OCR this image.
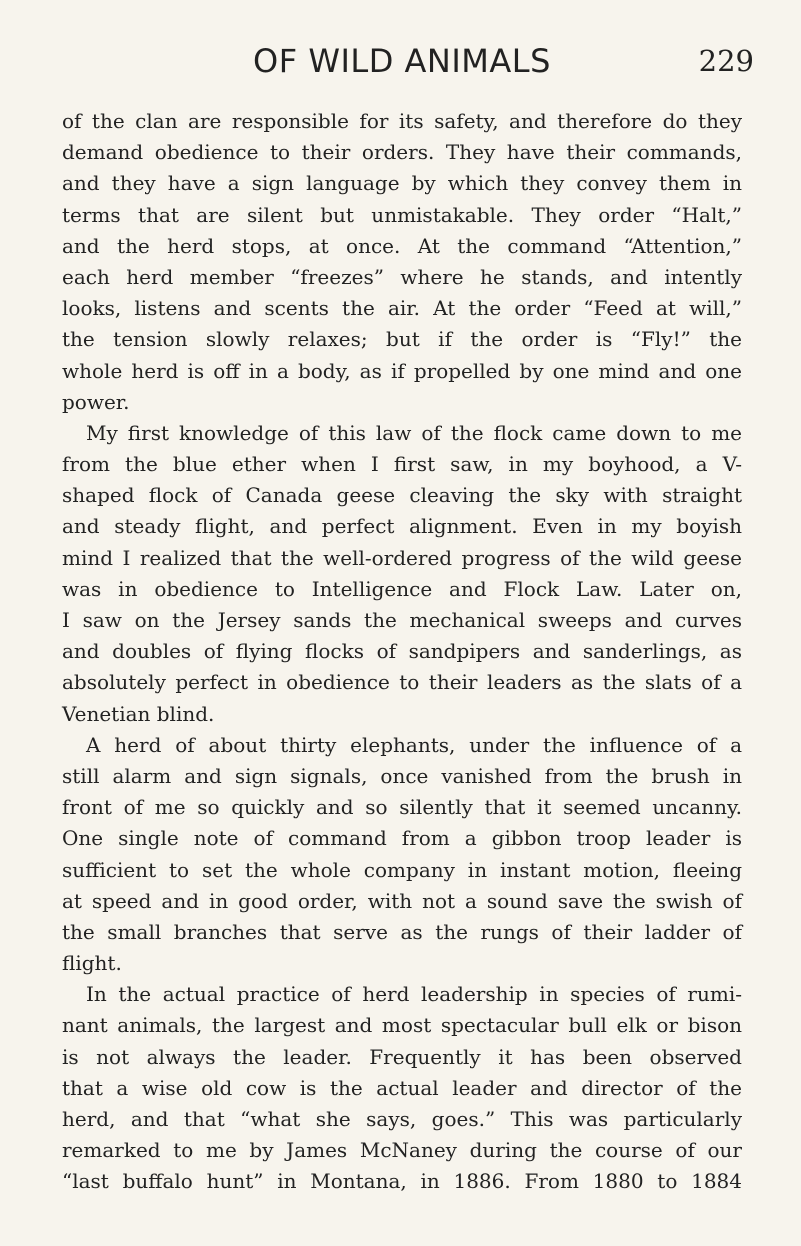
OF WILD ANIMALS	229
of the clan are responsible for its safety, and therefore do they
demand obedience to their orders. They have their commands,
and they have a sign language by which they convey them in
terms that are silent but unmistakable. They order “Halt,”
and the herd stops, at once. At the command “Attention,”
each herd member “freezes” where he stands, and intently
looks, listens and scents the air. At the order “Feed at will,”
the tension slowly relaxes; but if the order is “Fly!” the
whole herd is off in a body, as if propelled by one mind and one
power.
My first knowledge of this law of the flock came down to me
from the blue ether when I first saw, in my boyhood, a V-
shaped flock of Canada geese cleaving the sky with straight
and steady flight, and perfect alignment. Even in my boyish
mind I realized that the well-ordered progress of the wild geese
was in obedience to Intelligence and Flock Law. Later on,
I saw on the Jersey sands the mechanical sweeps and curves
and doubles of flying flocks of sandpipers and sanderlings, as
absolutely perfect in obedience to their leaders as the slats of a
Venetian blind.
A herd of about thirty elephants, under the influence of a
still alarm and sign signals, once vanished from the brush in
front of me so quickly and so silently that it seemed uncanny.
One single note of command from a gibbon troop leader is
sufficient to set the whole company in instant motion, fleeing
at speed and in good order, with not a sound save the swish of
the small branches that serve as the rungs of their ladder of
flight.
In the actual practice of herd leadership in species of rumi-
nant animals, the largest and most spectacular bull elk or bison
is not always the leader. Frequently it has been observed
that a wise old cow is the actual leader and director of the
herd, and that “what she says, goes.” This was particularly
remarked to me by James McNaney during the course of our
“last buffalo hunt” in Montana, in 1886. From 1880 to 1884
